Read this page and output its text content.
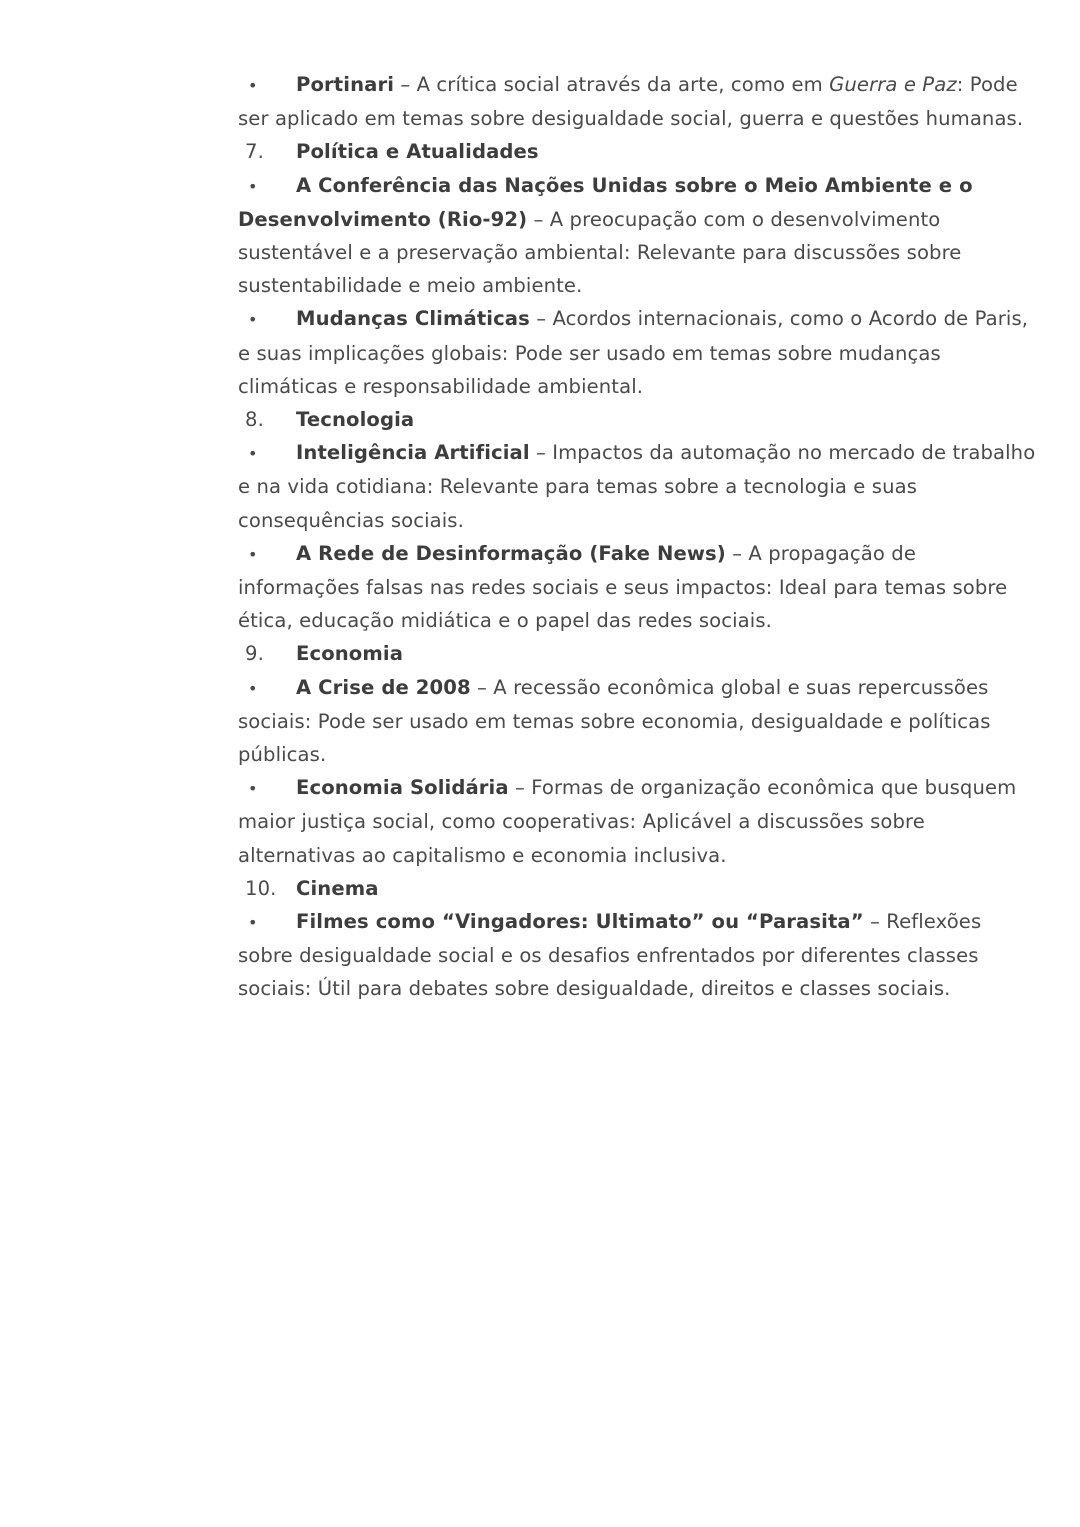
• Portinari – A crítica social através da arte, como em Guerra e Paz: Pode ser aplicado em temas sobre desigualdade social, guerra e questões humanas.

7. Política e Atualidades

• A Conferência das Nações Unidas sobre o Meio Ambiente e o Desenvolvimento (Rio-92) – A preocupação com o desenvolvimento sustentável e a preservação ambiental: Relevante para discussões sobre sustentabilidade e meio ambiente.

• Mudanças Climáticas – Acordos internacionais, como o Acordo de Paris, e suas implicações globais: Pode ser usado em temas sobre mudanças climáticas e responsabilidade ambiental.

8. Tecnologia

• Inteligência Artificial – Impactos da automação no mercado de trabalho e na vida cotidiana: Relevante para temas sobre a tecnologia e suas consequências sociais.

• A Rede de Desinformação (Fake News) – A propagação de informações falsas nas redes sociais e seus impactos: Ideal para temas sobre ética, educação midiática e o papel das redes sociais.

9. Economia

• A Crise de 2008 – A recessão econômica global e suas repercussões sociais: Pode ser usado em temas sobre economia, desigualdade e políticas públicas.

• Economia Solidária – Formas de organização econômica que busquem maior justiça social, como cooperativas: Aplicável a discussões sobre alternativas ao capitalismo e economia inclusiva.

10. Cinema

• Filmes como “Vingadores: Ultimato” ou “Parasita” – Reflexões sobre desigualdade social e os desafios enfrentados por diferentes classes sociais: Útil para debates sobre desigualdade, direitos e classes sociais.
